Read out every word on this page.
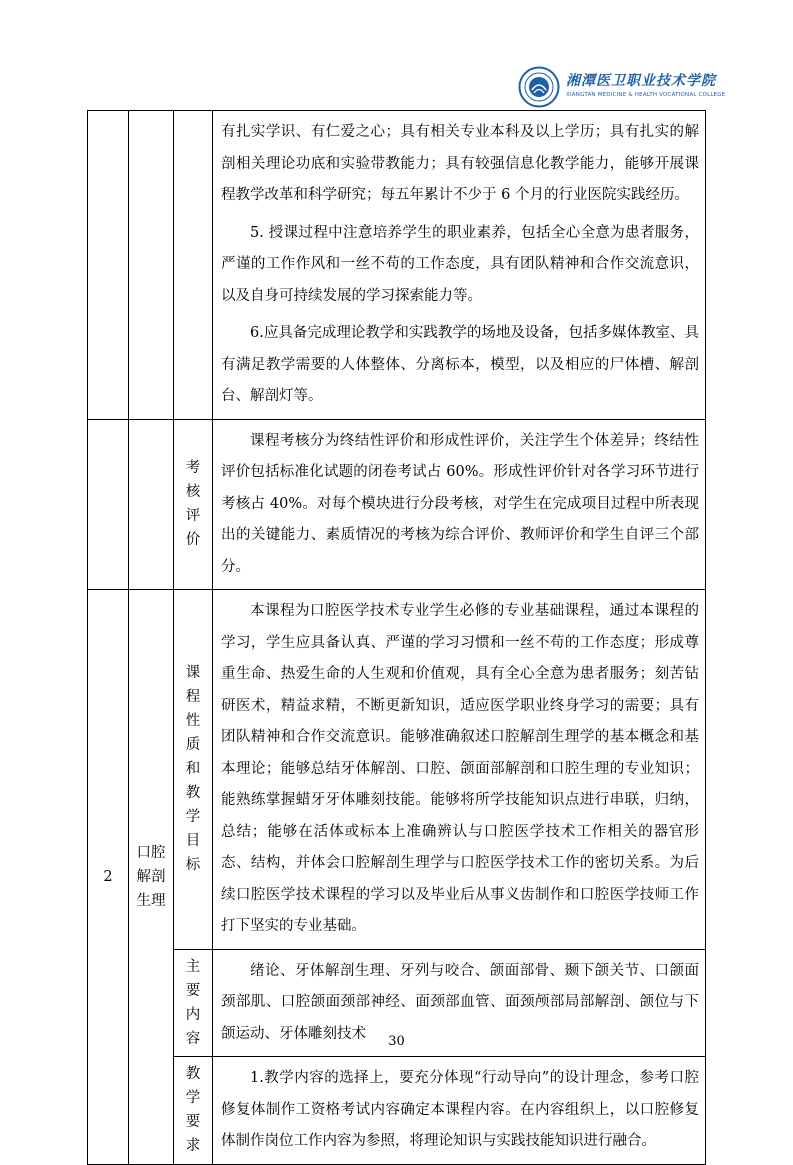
湘潭医卫职业技术学院
XIANGTAN MEDICINE & HEALTH VOCATIONAL COLLEGE

			有扎实学识、有仁爱之心；具有相关专业本科及以上学历；具有扎实的解剖相关理论功底和实验带教能力；具有较强信息化教学能力，能够开展课程教学改革和科学研究；每五年累计不少于 6 个月的行业医院实践经历。

5. 授课过程中注意培养学生的职业素养，包括全心全意为患者服务，严谨的工作作风和一丝不苟的工作态度，具有团队精神和合作交流意识，以及自身可持续发展的学习探索能力等。

6.应具备完成理论教学和实践教学的场地及设备，包括多媒体教室、具有满足教学需要的人体整体、分离标本，模型，以及相应的尸体槽、解剖台、解剖灯等。

		考核评价	课程考核分为终结性评价和形成性评价，关注学生个体差异；终结性评价包括标准化试题的闭卷考试占 60%。形成性评价针对各学习环节进行考核占 40%。对每个模块进行分段考核，对学生在完成项目过程中所表现出的关键能力、素质情况的考核为综合评价、教师评价和学生自评三个部分。

2	口腔解剖生理	课程性质和教学目标	本课程为口腔医学技术专业学生必修的专业基础课程，通过本课程的学习，学生应具备认真、严谨的学习习惯和一丝不苟的工作态度；形成尊重生命、热爱生命的人生观和价值观，具有全心全意为患者服务；刻苦钻研医术，精益求精，不断更新知识，适应医学职业终身学习的需要；具有团队精神和合作交流意识。能够准确叙述口腔解剖生理学的基本概念和基本理论；能够总结牙体解剖、口腔、颌面部解剖和口腔生理的专业知识；能熟练掌握蜡牙牙体雕刻技能。能够将所学技能知识点进行串联，归纳，总结；能够在活体或标本上准确辨认与口腔医学技术工作相关的器官形态、结构，并体会口腔解剖生理学与口腔医学技术工作的密切关系。为后续口腔医学技术课程的学习以及毕业后从事义齿制作和口腔医学技师工作打下坚实的专业基础。

		主要内容	绪论、牙体解剖生理、牙列与咬合、颌面部骨、颞下颌关节、口颌面颈部肌、口腔颌面颈部神经、面颈部血管、面颈颅部局部解剖、颌位与下颌运动、牙体雕刻技术

		教学要求	1.教学内容的选择上，要充分体现“行动导向”的设计理念，参考口腔修复体制作工资格考试内容确定本课程内容。在内容组织上，以口腔修复体制作岗位工作内容为参照，将理论知识与实践技能知识进行融合。

30
